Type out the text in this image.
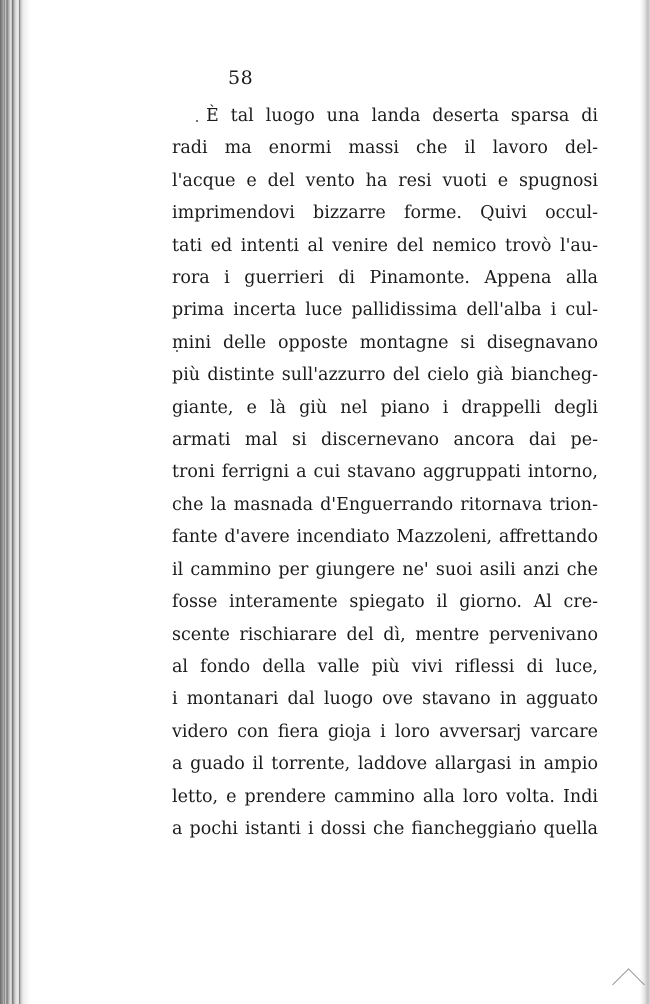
58
È tal luogo una landa deserta sparsa di
radi ma enormi massi che il lavoro del-
l'acque e del vento ha resi vuoti e spugnosi
imprimendovi bizzarre forme. Quivi occul-
tati ed intenti al venire del nemico trovò l'au-
rora i guerrieri di Pinamonte. Appena alla
prima incerta luce pallidissima dell'alba i cul-
mini delle opposte montagne si disegnavano
più distinte sull'azzurro del cielo già biancheg-
giante, e là giù nel piano i drappelli degli
armati mal si discernevano ancora dai pe-
troni ferrigni a cui stavano aggruppati intorno,
che la masnada d'Enguerrando ritornava trion-
fante d'avere incendiato Mazzoleni, affrettando
il cammino per giungere ne' suoi asili anzi che
fosse interamente spiegato il giorno. Al cre-
scente rischiarare del dì, mentre pervenivano
al fondo della valle più vivi riflessi di luce,
i montanari dal luogo ove stavano in agguato
videro con fiera gioja i loro avversarj varcare
a guado il torrente, laddove allargasi in ampio
letto, e prendere cammino alla loro volta. Indi
a pochi istanti i dossi che fiancheggiano quella
